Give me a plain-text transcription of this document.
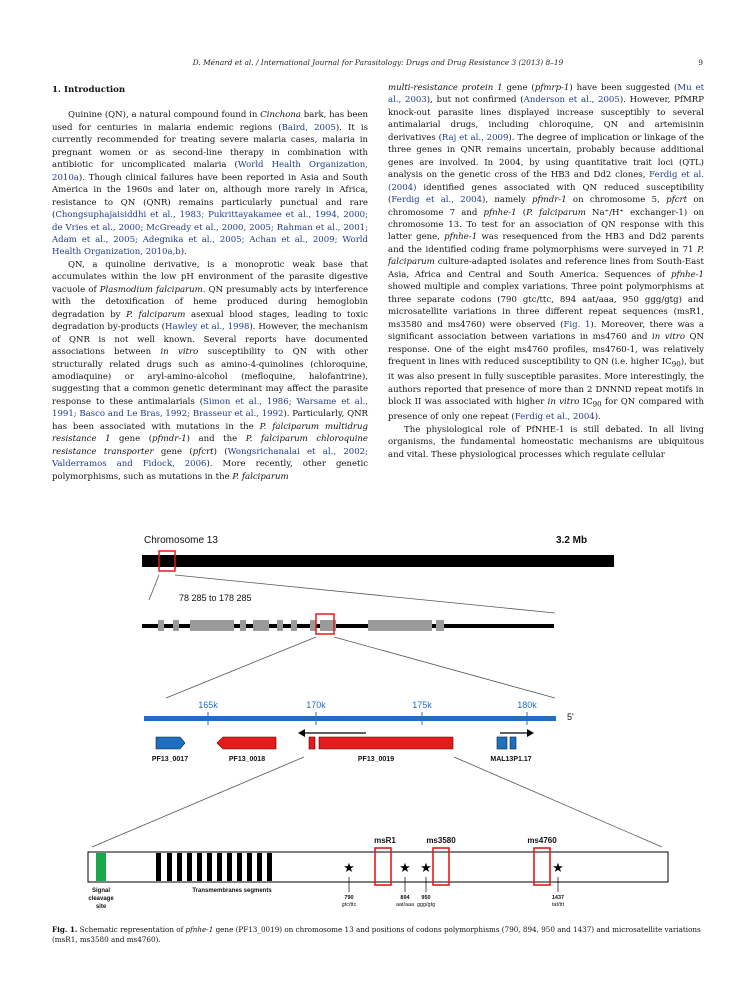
D. Ménard et al. / International Journal for Parasitology: Drugs and Drug Resistance 3 (2013) 8–19	9
1. Introduction

Quinine (QN), a natural compound found in Cinchona bark, has been used for centuries in malaria endemic regions (Baird, 2005). It is currently recommended for treating severe malaria cases, malaria in pregnant women or as second-line therapy in combination with antibiotic for uncomplicated malaria (World Health Organization, 2010a). Though clinical failures have been reported in Asia and South America in the 1960s and later on, although more rarely in Africa, resistance to QN (QNR) remains particularly punctual and rare (Chongsuphajaisiddhi et al., 1983; Pukrittayakamee et al., 1994, 2000; de Vries et al., 2000; McGready et al., 2000, 2005; Rahman et al., 2001; Adam et al., 2005; Adegnika et al., 2005; Achan et al., 2009; World Health Organization, 2010a,b).

QN, a quinoline derivative, is a monoprotic weak base that accumulates within the low pH environment of the parasite digestive vacuole of Plasmodium falciparum. QN presumably acts by interference with the detoxification of heme produced during hemoglobin degradation by P. falciparum asexual blood stages, leading to toxic degradation by-products (Hawley et al., 1998). However, the mechanism of QNR is not well known. Several reports have documented associations between in vitro susceptibility to QN with other structurally related drugs such as amino-4-quinolines (chloroquine, amodiaquine) or aryl-amino-alcohol (mefloquine, halofantrine), suggesting that a common genetic determinant may affect the parasite response to these antimalarials (Simon et al., 1986; Warsame et al., 1991; Basco and Le Bras, 1992; Brasseur et al., 1992). Particularly, QNR has been associated with mutations in the P. falciparum multidrug resistance 1 gene (pfmdr-1) and the P. falciparum chloroquine resistance transporter gene (pfcrt) (Wongsrichanalai et al., 2002; Valderramos and Fidock, 2006). More recently, other genetic polymorphisms, such as mutations in the P. falciparum

multi-resistance protein 1 gene (pfmrp-1) have been suggested (Mu et al., 2003), but not confirmed (Anderson et al., 2005). However, PfMRP knock-out parasite lines displayed increase susceptibly to several antimalarial drugs, including chloroquine, QN and artemisinin derivatives (Raj et al., 2009). The degree of implication or linkage of the three genes in QNR remains uncertain, probably because additional genes are involved. In 2004, by using quantitative trait loci (QTL) analysis on the genetic cross of the HB3 and Dd2 clones, Ferdig et al. (2004) identified genes associated with QN reduced susceptibility (Ferdig et al., 2004), namely pfmdr-1 on chromosome 5, pfcrt on chromosome 7 and pfnhe-1 (P. falciparum Na⁺/H⁺ exchanger-1) on chromosome 13. To test for an association of QN response with this latter gene, pfnhe-1 was resequenced from the HB3 and Dd2 parents and the identified coding frame polymorphisms were surveyed in 71 P. falciparum culture-adapted isolates and reference lines from South-East Asia, Africa and Central and South America. Sequences of pfnhe-1 showed multiple and complex variations. Three point polymorphisms at three separate codons (790 gtc/ttc, 894 aat/aaa, 950 ggg/gtg) and microsatellite variations in three different repeat sequences (msR1, ms3580 and ms4760) were observed (Fig. 1). Moreover, there was a significant association between variations in ms4760 and in vitro QN response. One of the eight ms4760 profiles, ms4760-1, was relatively frequent in lines with reduced susceptibility to QN (i.e. higher $IC_{90}$), but it was also present in fully susceptible parasites. More interestingly, the authors reported that presence of more than 2 DNNND repeat motifs in block II was associated with higher in vitro $IC_{90}$ for QN compared with presence of only one repeat (Ferdig et al., 2004).

The physiological role of PfNHE-1 is still debated. In all living organisms, the fundamental homeostatic mechanisms are ubiquitous and vital. These physiological processes which regulate cellular

Chromosome 13	3.2 Mb
78 285 to 178 285
165k	170k	175k	180k
5'
PF13_0017	PF13_0018	PF13_0019	MAL13P1.17
msR1	ms3580	ms4760
★	★ ★	★
790
gtc/ttc
894
aat/aaa
950
ggg/gtg
1437
tat/ttt
Signal
cleavage
site
Transmembranes segments
Fig. 1. Schematic representation of pfnhe-1 gene (PF13_0019) on chromosome 13 and positions of codons polymorphisms (790, 894, 950 and 1437) and microsatellite variations (msR1, ms3580 and ms4760).
